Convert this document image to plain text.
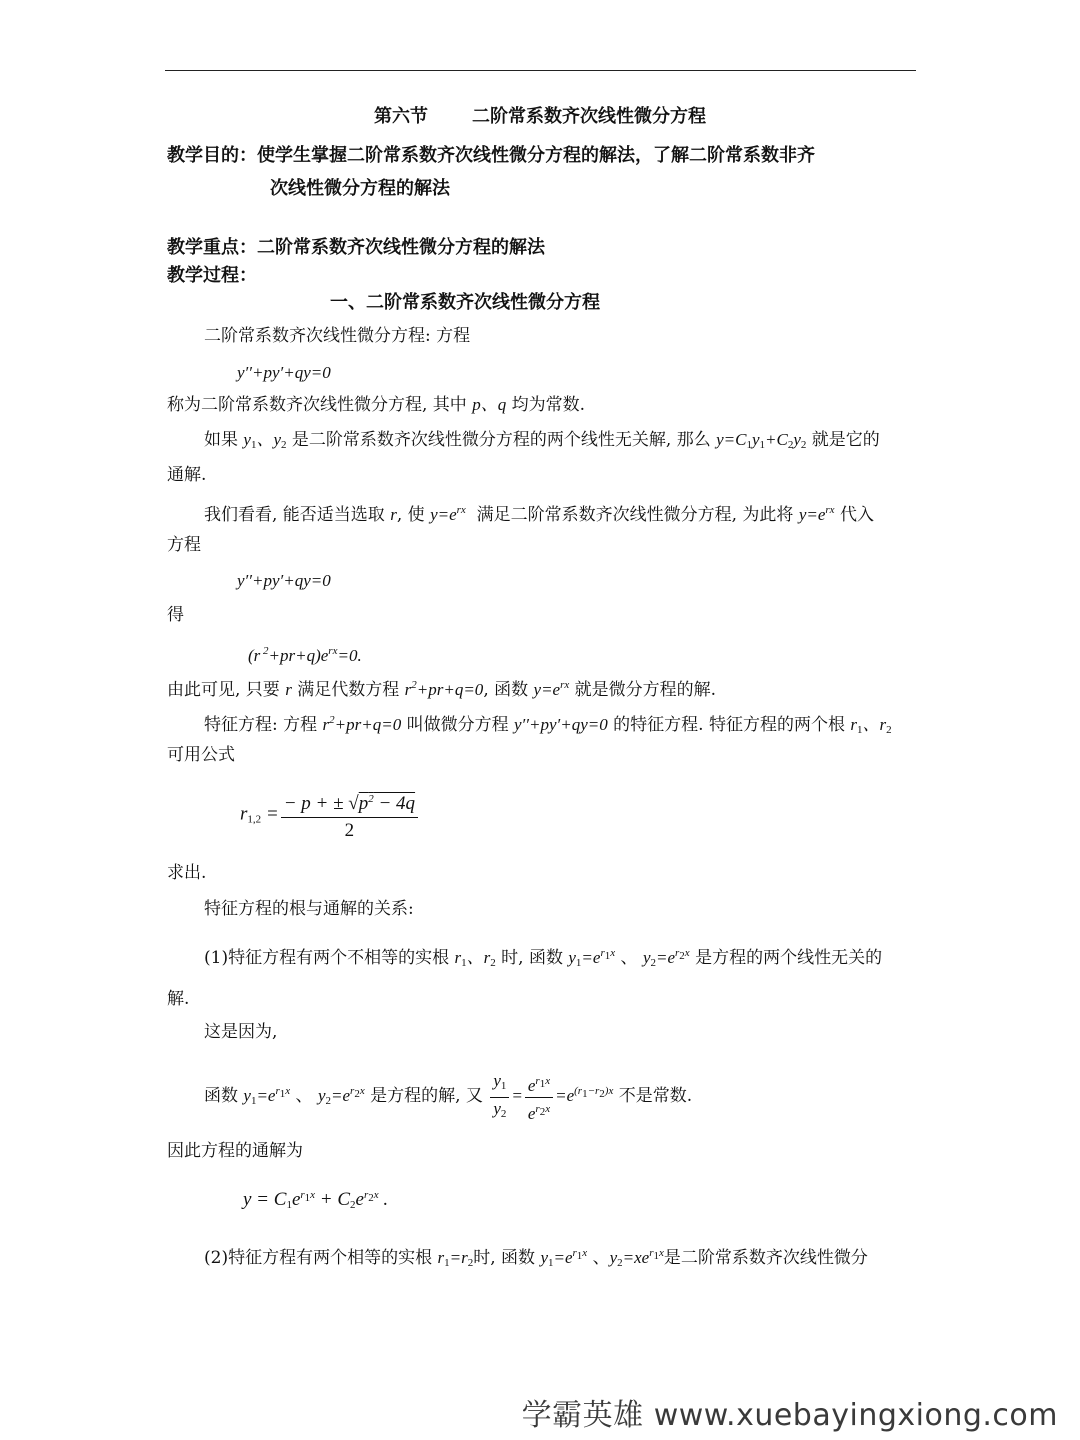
第六节 二阶常系数齐次线性微分方程
教学目的：使学生掌握二阶常系数齐次线性微分方程的解法，了解二阶常系数非齐
次线性微分方程的解法
教学重点：二阶常系数齐次线性微分方程的解法
教学过程：
一、二阶常系数齐次线性微分方程
二阶常系数齐次线性微分方程: 方程
y′′+py′+qy=0
称为二阶常系数齐次线性微分方程, 其中 p、q 均为常数.
如果 $y_1$、$y_2$ 是二阶常系数齐次线性微分方程的两个线性无关解, 那么 $y=C_1y_1+C_2y_2$ 就是它的
通解.
我们看看, 能否适当选取 r, 使 $y=e^{rx}$ 满足二阶常系数齐次线性微分方程, 为此将 $y=e^{rx}$ 代入
方程
y′′+py′+qy=0
得
(r $^2+pr+q)e^{rx}=0$.
由此可见, 只要 r 满足代数方程 $r^2+pr+q=0$, 函数 $y=e^{rx}$ 就是微分方程的解.
特征方程: 方程 $r^2+pr+q=0$ 叫做微分方程 y′′+py′+qy=0 的特征方程. 特征方程的两个根 $r_1$、$r_2$
可用公式
$r_{1,2} = \frac{- p + \pm √p^2 - 4q}{2}$
求出.
特征方程的根与通解的关系:
(1)特征方程有两个不相等的实根 $r_1$、$r_2$ 时, 函数 $y_1=e^{r_1x}$ 、 $y_2=e^{r_2x}$ 是方程的两个线性无关的
解.
这是因为,
函数 $y_1=e^{r_1x}$ 、 $y_2=e^{r_2x}$ 是方程的解, 又 $\frac{y_1}{y_2} = \frac{e^{r_1x}}{e^{r_2x}} =e^{(r_1-r_2)x}$ 不是常数.
因此方程的通解为
$y = C_1e^{r_1x} + C_2e^{r_2x}$ .
(2)特征方程有两个相等的实根 $r_1=r_2$时, 函数 $y_1=e^{r_1x}$ 、$y_2=xe^{r_1x}$是二阶常系数齐次线性微分
学霸英雄 www.xuebayingxiong.com
